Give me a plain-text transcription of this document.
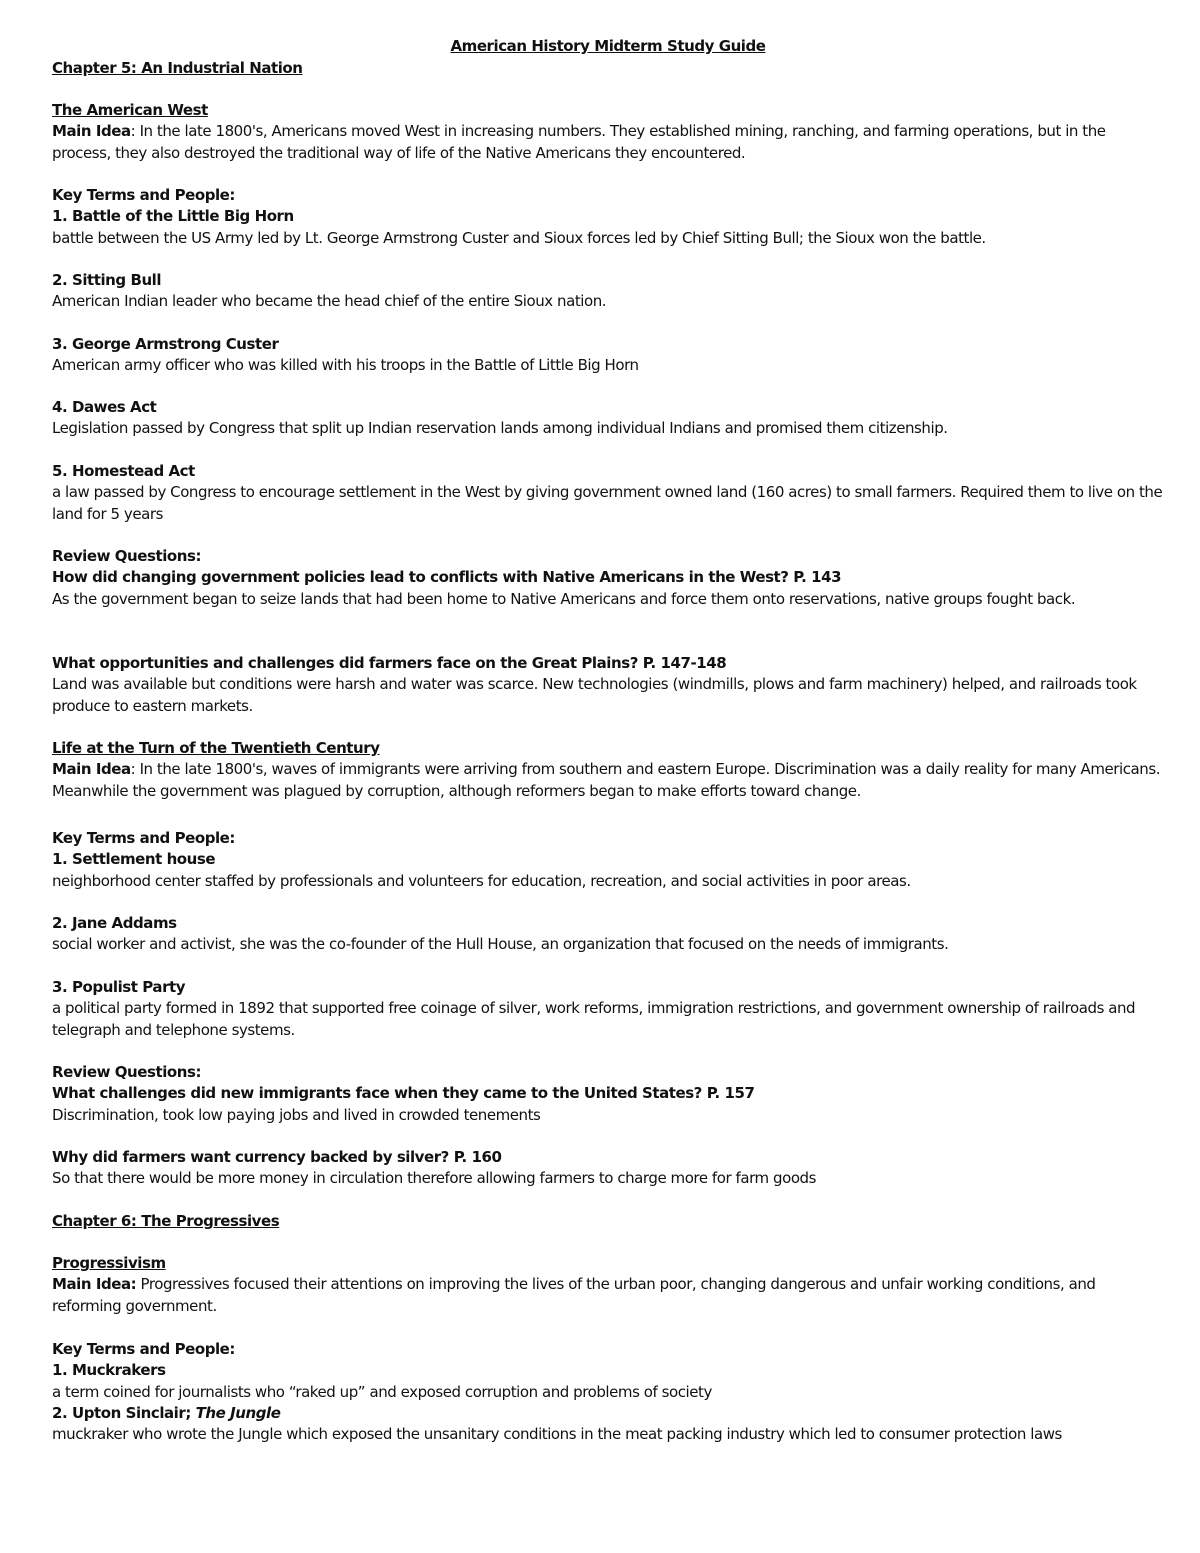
American History Midterm Study Guide
Chapter 5: An Industrial Nation

The American West

Main Idea: In the late 1800's, Americans moved West in increasing numbers. They established mining, ranching, and farming operations, but in the process, they also destroyed the traditional way of life of the Native Americans they encountered.

Key Terms and People:

1. Battle of the Little Big Horn

battle between the US Army led by Lt. George Armstrong Custer and Sioux forces led by Chief Sitting Bull; the Sioux won the battle.

2. Sitting Bull

American Indian leader who became the head chief of the entire Sioux nation.

3. George Armstrong Custer

American army officer who was killed with his troops in the Battle of Little Big Horn

4. Dawes Act

Legislation passed by Congress that split up Indian reservation lands among individual Indians and promised them citizenship.

5. Homestead Act

a law passed by Congress to encourage settlement in the West by giving government owned land (160 acres) to small farmers. Required them to live on the land for 5 years

Review Questions:

How did changing government policies lead to conflicts with Native Americans in the West? P. 143

As the government began to seize lands that had been home to Native Americans and force them onto reservations, native groups fought back.

What opportunities and challenges did farmers face on the Great Plains? P. 147-148

Land was available but conditions were harsh and water was scarce. New technologies (windmills, plows and farm machinery) helped, and railroads took produce to eastern markets.

Life at the Turn of the Twentieth Century

Main Idea: In the late 1800's, waves of immigrants were arriving from southern and eastern Europe. Discrimination was a daily reality for many Americans. Meanwhile the government was plagued by corruption, although reformers began to make efforts toward change.

Key Terms and People:

1. Settlement house

neighborhood center staffed by professionals and volunteers for education, recreation, and social activities in poor areas.

2. Jane Addams

social worker and activist, she was the co-founder of the Hull House, an organization that focused on the needs of immigrants.

3. Populist Party

a political party formed in 1892 that supported free coinage of silver, work reforms, immigration restrictions, and government ownership of railroads and telegraph and telephone systems.

Review Questions:

What challenges did new immigrants face when they came to the United States? P. 157

Discrimination, took low paying jobs and lived in crowded tenements

Why did farmers want currency backed by silver? P. 160

So that there would be more money in circulation therefore allowing farmers to charge more for farm goods

Chapter 6: The Progressives

Progressivism

Main Idea: Progressives focused their attentions on improving the lives of the urban poor, changing dangerous and unfair working conditions, and reforming government.

Key Terms and People:

1. Muckrakers

a term coined for journalists who “raked up” and exposed corruption and problems of society

2. Upton Sinclair; The Jungle

muckraker who wrote the Jungle which exposed the unsanitary conditions in the meat packing industry which led to consumer protection laws
